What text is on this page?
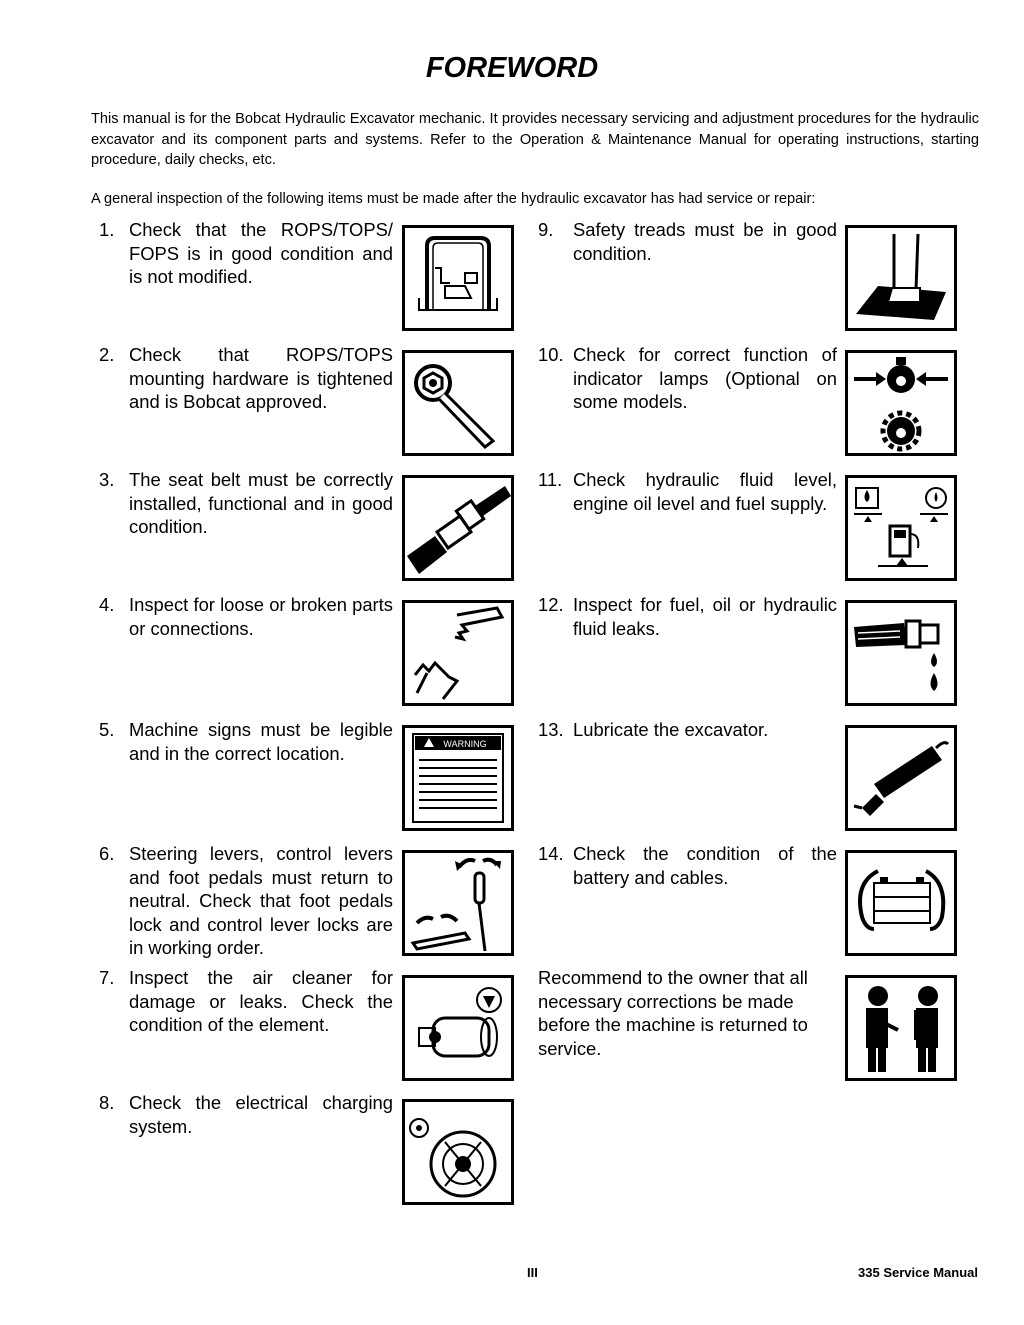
FOREWORD
This manual is for the Bobcat Hydraulic Excavator mechanic. It provides necessary servicing and adjustment procedures for the hydraulic excavator and its component parts and systems. Refer to the Operation & Maintenance Manual for operating instructions, starting procedure, daily checks, etc.
A general inspection of the following items must be made after the hydraulic excavator has had service or repair:
1. Check that the ROPS/TOPS/ FOPS is in good condition and is not modified.
2. Check that ROPS/TOPS mounting hardware is tightened and is Bobcat approved.
3. The seat belt must be correctly installed, functional and in good condition.
4. Inspect for loose or broken parts or connections.
5. Machine signs must be legible and in the correct location.	WARNING
6. Steering levers, control levers and foot pedals must return to neutral. Check that foot pedals lock and control lever locks are in working order.
7. Inspect the air cleaner for damage or leaks. Check the condition of the element.
8. Check the electrical charging system.
9. Safety treads must be in good condition.
10. Check for correct function of indicator lamps (Optional on some models.
11. Check hydraulic fluid level, engine oil level and fuel supply.
12. Inspect for fuel, oil or hydraulic fluid leaks.
13. Lubricate the excavator.
14. Check the condition of the battery and cables.
Recommend to the owner that all necessary corrections be made before the machine is returned to service.
III	335 Service Manual
